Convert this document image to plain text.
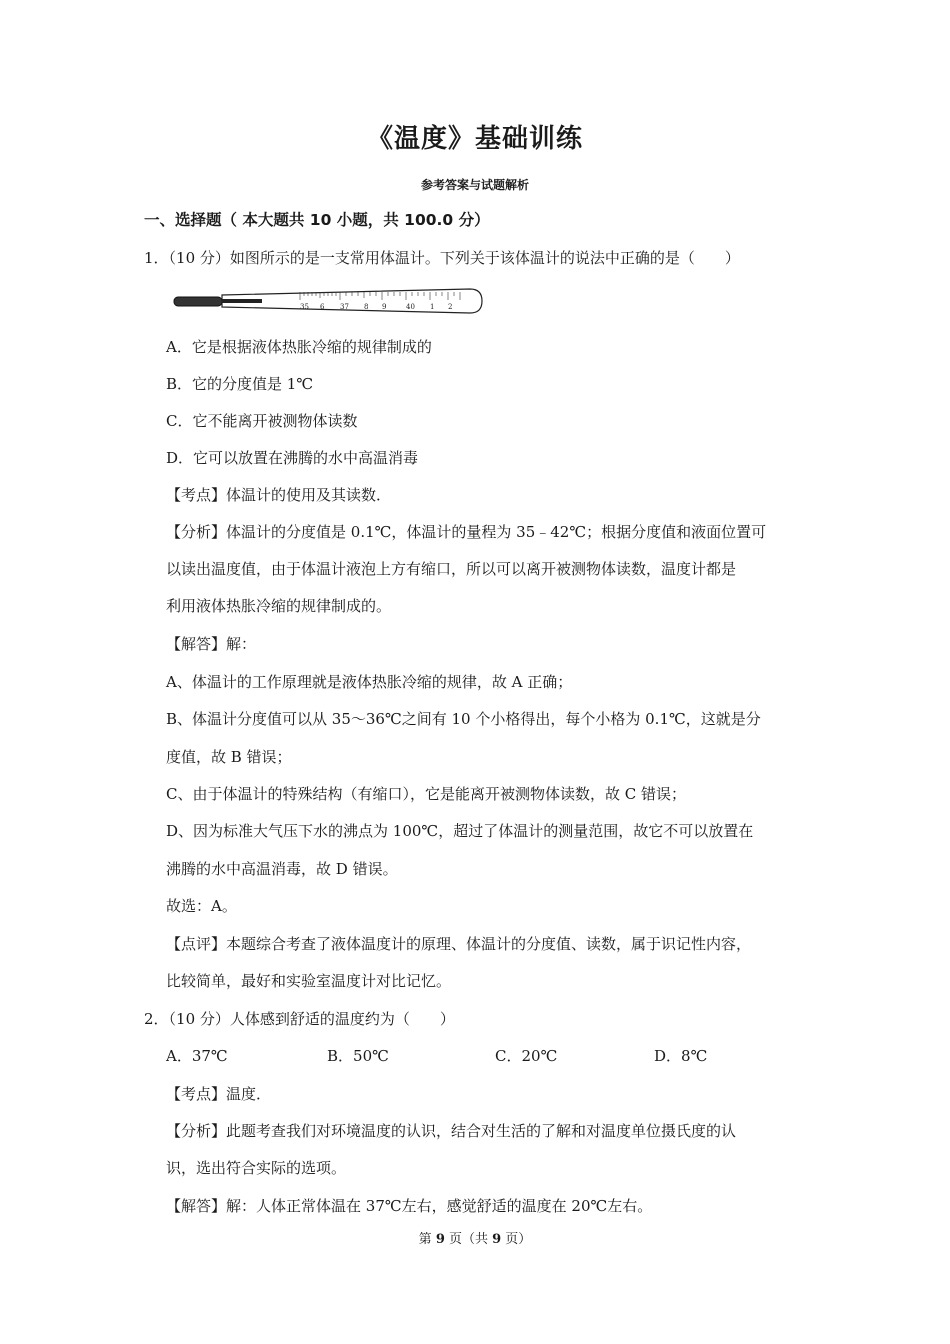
《温度》基础训练
参考答案与试题解析
一、选择题（ 本大题共 10 小题，共 100.0 分）
1．（10 分）如图所示的是一支常用体温计。下列关于该体温计的说法中正确的是（　　）
35 6 37 8 9	40 1 2
A．它是根据液体热胀冷缩的规律制成的
B．它的分度值是 1℃
C．它不能离开被测物体读数
D．它可以放置在沸腾的水中高温消毒
【考点】体温计的使用及其读数．
【分析】体温计的分度值是 0.1℃，体温计的量程为 35﹣42℃；根据分度值和液面位置可
以读出温度值，由于体温计液泡上方有缩口，所以可以离开被测物体读数，温度计都是
利用液体热胀冷缩的规律制成的。
【解答】解：
A、体温计的工作原理就是液体热胀冷缩的规律，故 A 正确；
B、体温计分度值可以从 35～36℃之间有 10 个小格得出，每个小格为 0.1℃，这就是分
度值，故 B 错误；
C、由于体温计的特殊结构（有缩口），它是能离开被测物体读数，故 C 错误；
D、因为标准大气压下水的沸点为 100℃，超过了体温计的测量范围，故它不可以放置在
沸腾的水中高温消毒，故 D 错误。
故选：A。
【点评】本题综合考查了液体温度计的原理、体温计的分度值、读数，属于识记性内容，
比较简单，最好和实验室温度计对比记忆。
2．（10 分）人体感到舒适的温度约为（　　）
A．37℃	B．50℃	C．20℃	D．8℃
【考点】温度．
【分析】此题考查我们对环境温度的认识，结合对生活的了解和对温度单位摄氏度的认
识，选出符合实际的选项。
【解答】解：人体正常体温在 37℃左右，感觉舒适的温度在 20℃左右。
第 9 页（共 9 页）
